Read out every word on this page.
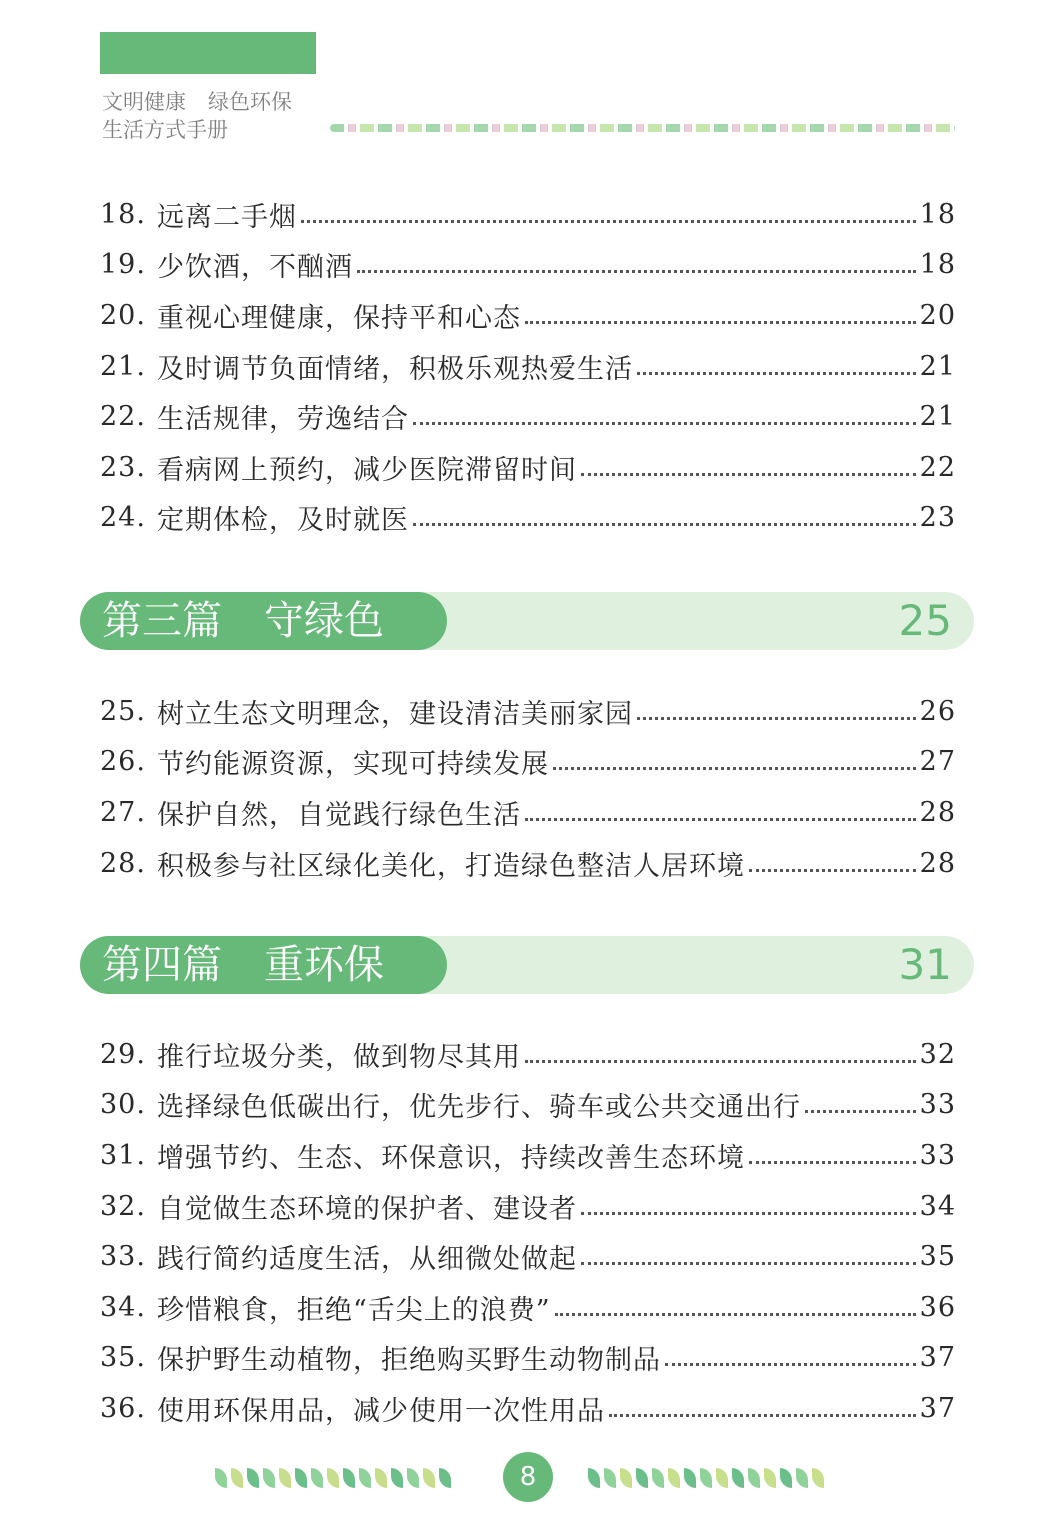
文明健康 绿色环保
生活方式手册
18. 远离二手烟	18
19. 少饮酒，不酗酒	18
20. 重视心理健康，保持平和心态	20
21. 及时调节负面情绪，积极乐观热爱生活	21
22. 生活规律，劳逸结合	21
23. 看病网上预约，减少医院滞留时间	22
24. 定期体检，及时就医	23
第三篇 守绿色	25
25. 树立生态文明理念，建设清洁美丽家园	26
26. 节约能源资源，实现可持续发展	27
27. 保护自然，自觉践行绿色生活	28
28. 积极参与社区绿化美化，打造绿色整洁人居环境	28
第四篇 重环保	31
29. 推行垃圾分类，做到物尽其用	32
30. 选择绿色低碳出行，优先步行、骑车或公共交通出行	33
31. 增强节约、生态、环保意识，持续改善生态环境	33
32. 自觉做生态环境的保护者、建设者	34
33. 践行简约适度生活，从细微处做起	35
34. 珍惜粮食，拒绝“舌尖上的浪费”	36
35. 保护野生动植物，拒绝购买野生动物制品	37
36. 使用环保用品，减少使用一次性用品	37
8
